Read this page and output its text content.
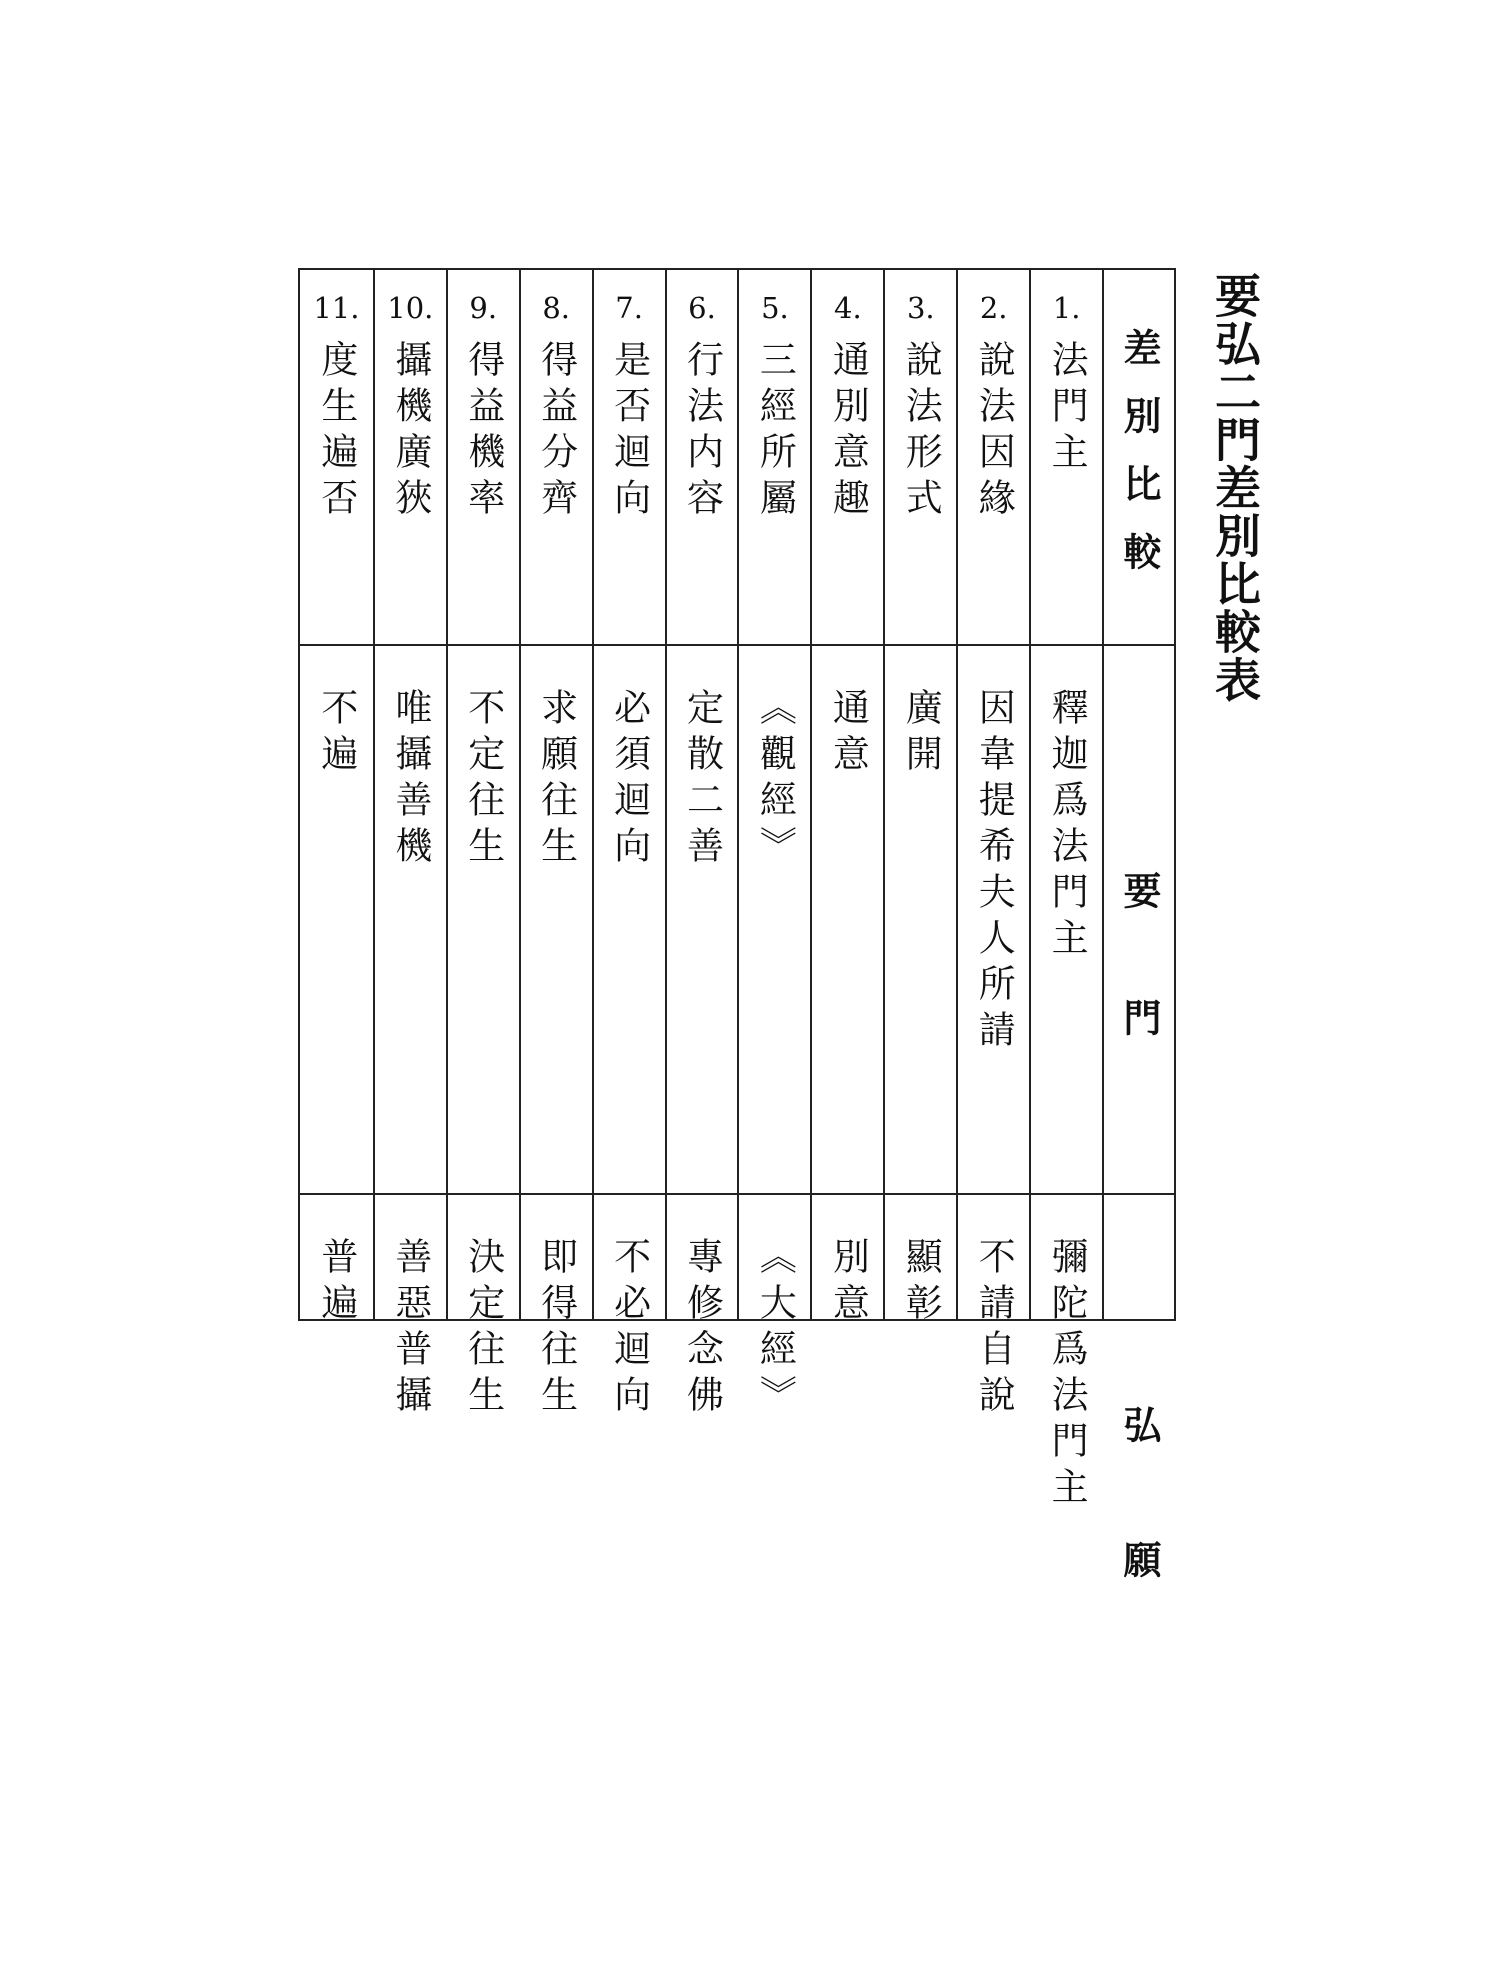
要弘二門差別比較表
差別比較
要 門
弘 願
1.
法門主
釋迦爲法門主
彌陀爲法門主
2.
說法因緣
因韋提希夫人所請
不請自說
3.
說法形式
廣開
顯彰
4.
通別意趣
通意
別意
5.
三經所屬
《觀經》
《大經》
6.
行法内容
定散二善
專修念佛
7.
是否迴向
必須迴向
不必迴向
8.
得益分齊
求願往生
即得往生
9.
得益機率
不定往生
決定往生
10.
攝機廣狹
唯攝善機
善惡普攝
11.
度生遍否
不遍
普遍
